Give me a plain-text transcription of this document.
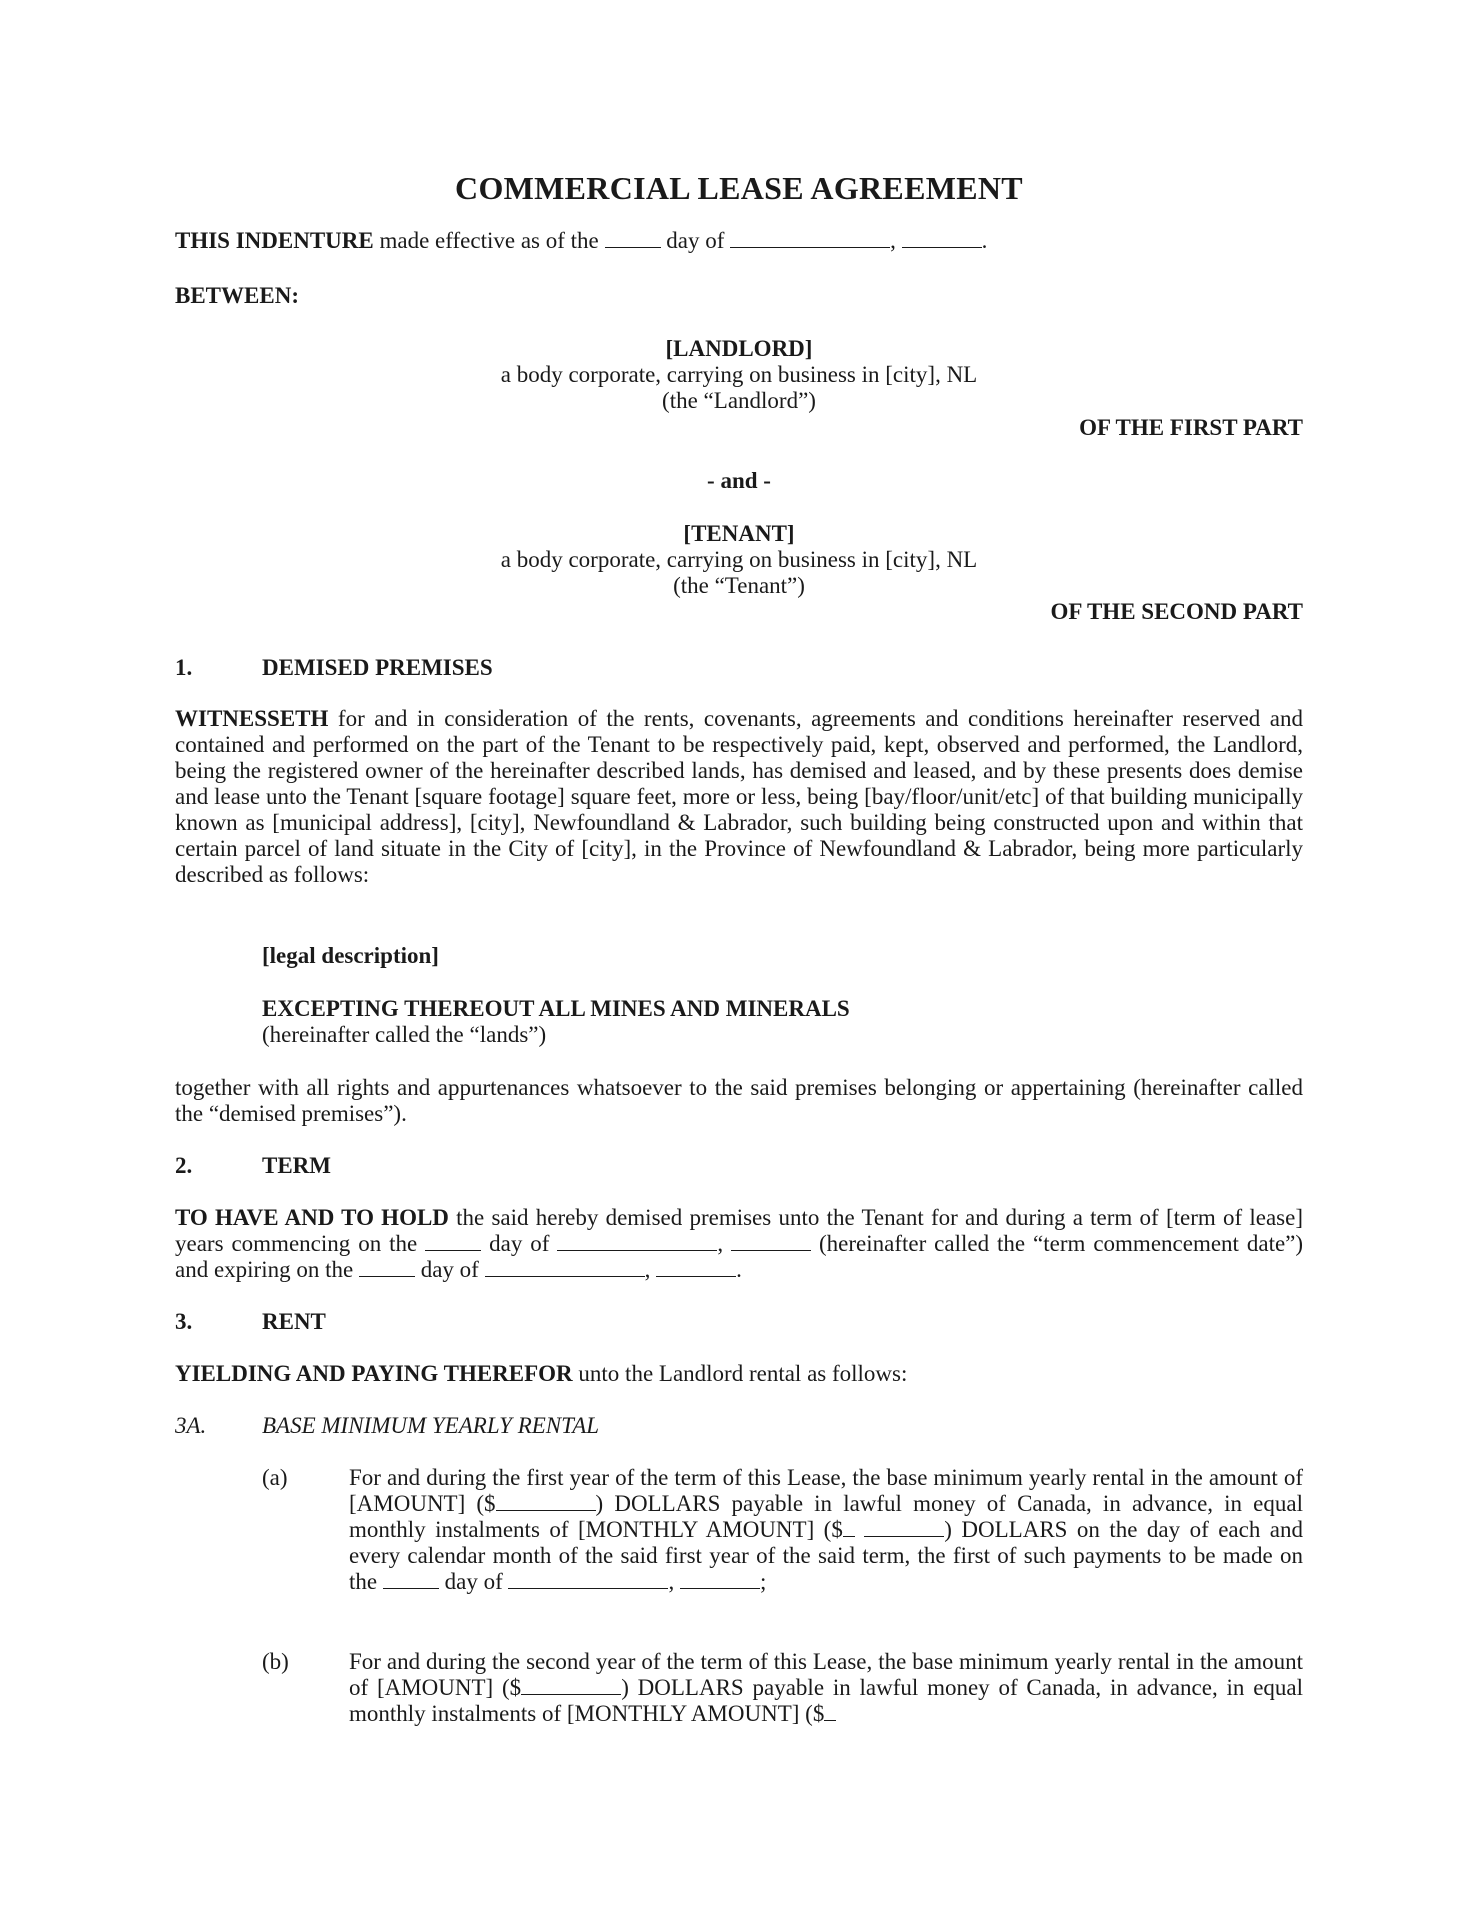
COMMERCIAL LEASE AGREEMENT
THIS INDENTURE made effective as of the	day of	,	.
BETWEEN:
[LANDLORD]
a body corporate, carrying on business in [city], NL
(the “Landlord”)
OF THE FIRST PART
- and -
[TENANT]
a body corporate, carrying on business in [city], NL
(the “Tenant”)
OF THE SECOND PART
1.	DEMISED PREMISES
WITNESSETH for and in consideration of the rents, covenants, agreements and conditions hereinafter reserved and contained and performed on the part of the Tenant to be respectively paid, kept, observed and performed, the Landlord, being the registered owner of the hereinafter described lands, has demised and leased, and by these presents does demise and lease unto the Tenant [square footage] square feet, more or less, being [bay/floor/unit/etc] of that building municipally known as [municipal address], [city], Newfoundland & Labrador, such building being constructed upon and within that certain parcel of land situate in the City of [city], in the Province of Newfoundland & Labrador, being more particularly described as follows:
[legal description]
EXCEPTING THEREOUT ALL MINES AND MINERALS
(hereinafter called the “lands”)
together with all rights and appurtenances whatsoever to the said premises belonging or appertaining (hereinafter called the “demised premises”).
2.	TERM
TO HAVE AND TO HOLD the said hereby demised premises unto the Tenant for and during a term of [term of lease] years commencing on the	day of	,	(hereinafter called the “term commencement date”) and expiring on the	day of	,	.
3.	RENT
YIELDING AND PAYING THEREFOR unto the Landlord rental as follows:
3A. BASE MINIMUM YEARLY RENTAL
(a)	For and during the first year of the term of this Lease, the base minimum yearly rental in the amount of [AMOUNT] ($	) DOLLARS payable in lawful money of Canada, in advance, in equal monthly instalments of [MONTHLY AMOUNT] ($	) DOLLARS on the day of each and every calendar month of the said first year of the said term, the first of such payments to be made on the	day of	,	;
(b)	For and during the second year of the term of this Lease, the base minimum yearly rental in the amount of [AMOUNT] ($	) DOLLARS payable in lawful money of Canada, in advance, in equal monthly instalments of [MONTHLY AMOUNT] ($
